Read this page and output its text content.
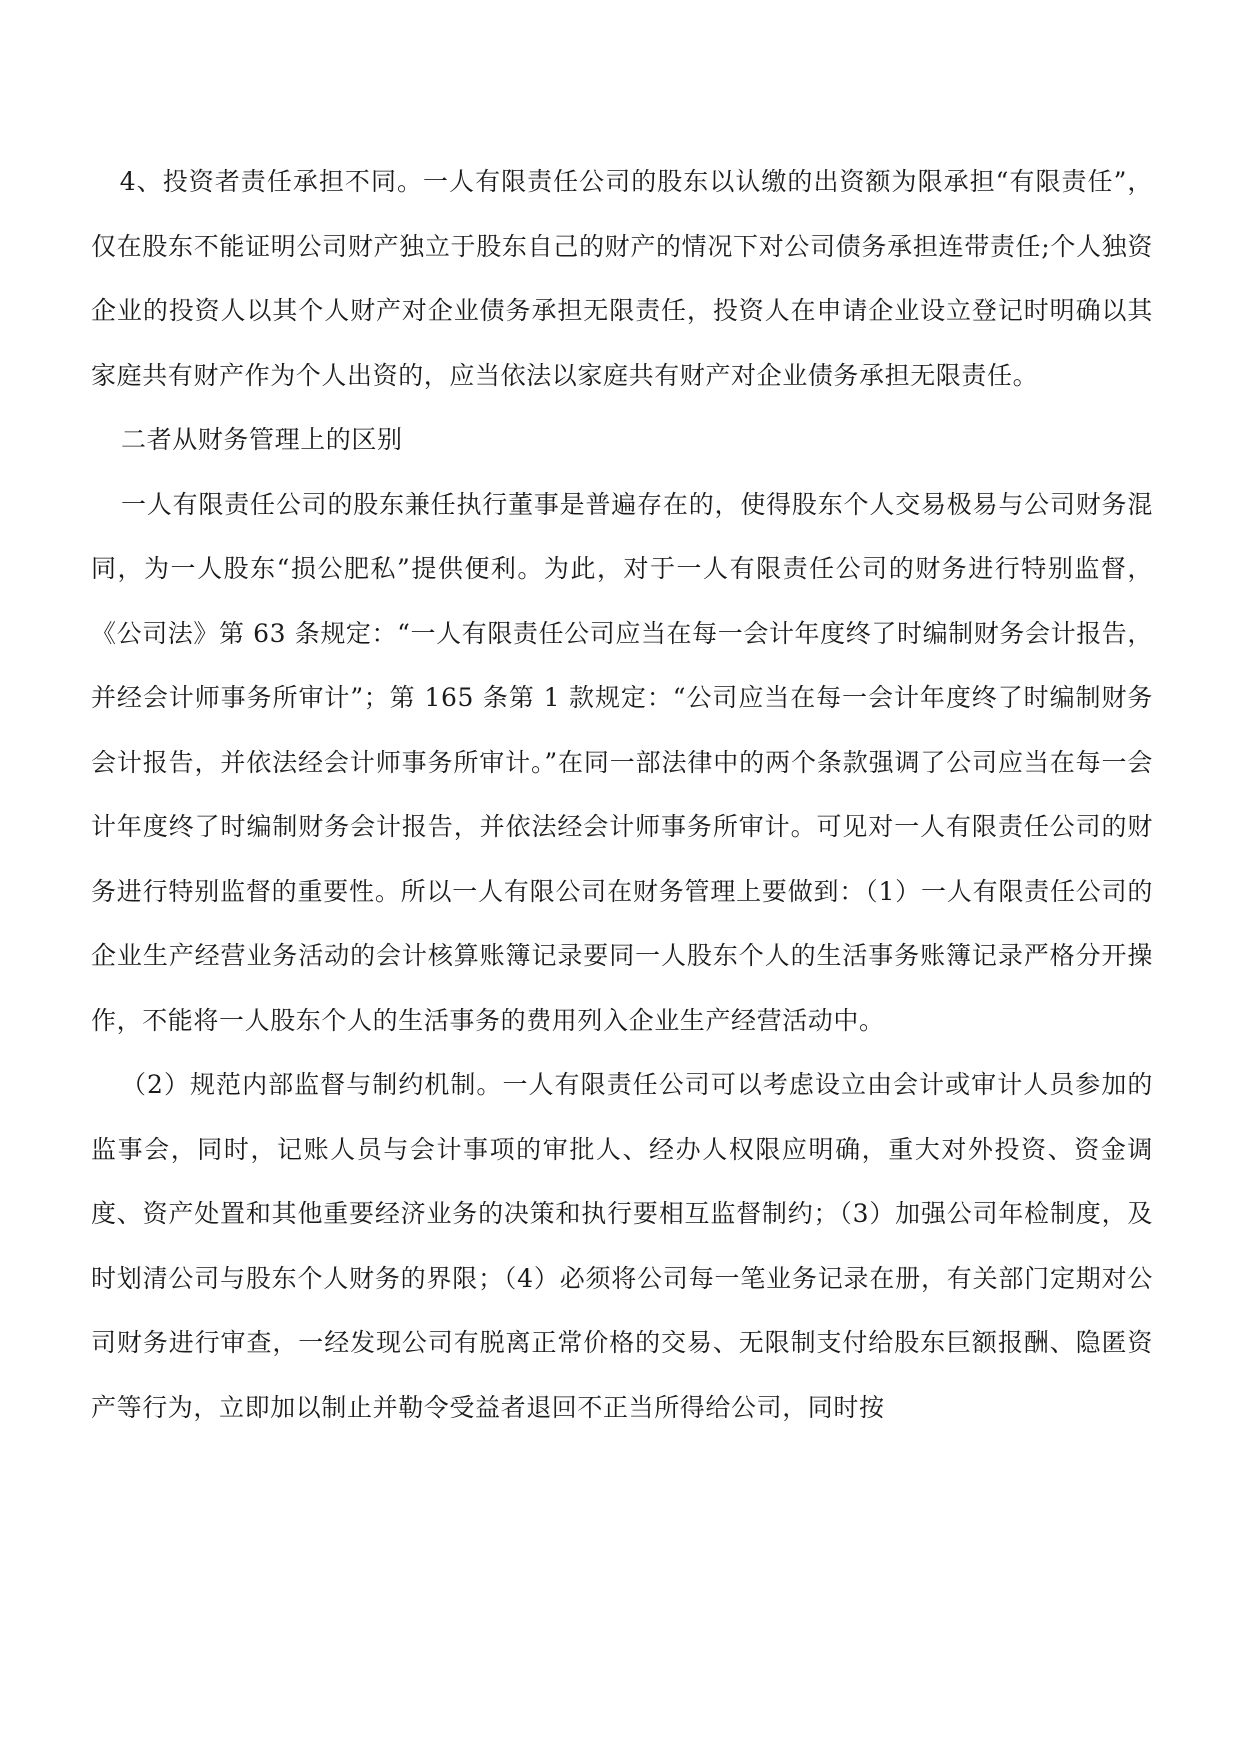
4、投资者责任承担不同。一人有限责任公司的股东以认缴的出资额为限承担“有限责任”，仅在股东不能证明公司财产独立于股东自己的财产的情况下对公司债务承担连带责任;个人独资企业的投资人以其个人财产对企业债务承担无限责任，投资人在申请企业设立登记时明确以其家庭共有财产作为个人出资的，应当依法以家庭共有财产对企业债务承担无限责任。

二者从财务管理上的区别

一人有限责任公司的股东兼任执行董事是普遍存在的，使得股东个人交易极易与公司财务混同，为一人股东“损公肥私”提供便利。为此，对于一人有限责任公司的财务进行特别监督，《公司法》第 63 条规定：“一人有限责任公司应当在每一会计年度终了时编制财务会计报告，并经会计师事务所审计”；第 165 条第 1 款规定：“公司应当在每一会计年度终了时编制财务会计报告，并依法经会计师事务所审计。”在同一部法律中的两个条款强调了公司应当在每一会计年度终了时编制财务会计报告，并依法经会计师事务所审计。可见对一人有限责任公司的财务进行特别监督的重要性。所以一人有限公司在财务管理上要做到：（1）一人有限责任公司的企业生产经营业务活动的会计核算账簿记录要同一人股东个人的生活事务账簿记录严格分开操作，不能将一人股东个人的生活事务的费用列入企业生产经营活动中。

（2）规范内部监督与制约机制。一人有限责任公司可以考虑设立由会计或审计人员参加的监事会，同时，记账人员与会计事项的审批人、经办人权限应明确，重大对外投资、资金调度、资产处置和其他重要经济业务的决策和执行要相互监督制约；（3）加强公司年检制度，及时划清公司与股东个人财务的界限；（4）必须将公司每一笔业务记录在册，有关部门定期对公司财务进行审查，一经发现公司有脱离正常价格的交易、无限制支付给股东巨额报酬、隐匿资产等行为，立即加以制止并勒令受益者退回不正当所得给公司，同时按
